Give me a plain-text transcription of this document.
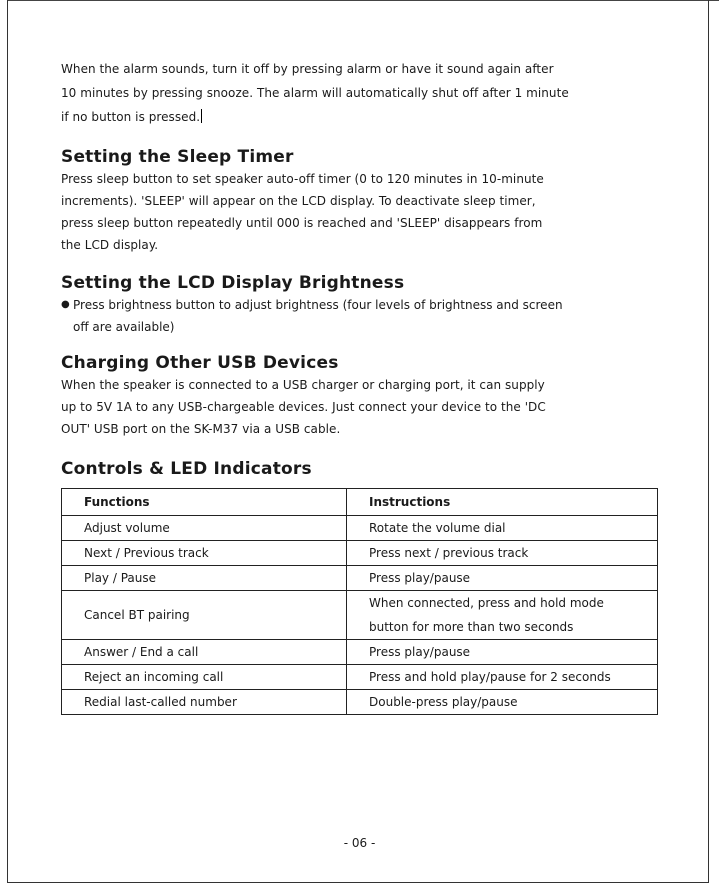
When the alarm sounds, turn it off by pressing alarm or have it sound again after

10 minutes by pressing snooze. The alarm will automatically shut off after 1 minute

if no button is pressed.

Setting the Sleep Timer

Press sleep button to set speaker auto-off timer (0 to 120 minutes in 10-minute

increments). 'SLEEP' will appear on the LCD display. To deactivate sleep timer,

press sleep button repeatedly until 000 is reached and 'SLEEP' disappears from

the LCD display.

Setting the LCD Display Brightness
● Press brightness button to adjust brightness (four levels of brightness and screen
off are available)
Charging Other USB Devices

When the speaker is connected to a USB charger or charging port, it can supply

up to 5V 1A to any USB-chargeable devices. Just connect your device to the 'DC

OUT' USB port on the SK-M37 via a USB cable.

Controls & LED Indicators
Functions	Instructions
Adjust volume	Rotate the volume dial
Next / Previous track	Press next / previous track
Play / Pause	Press play/pause
Cancel BT pairing	When connected, press and hold mode
button for more than two seconds

Answer / End a call	Press play/pause
Reject an incoming call	Press and hold play/pause for 2 seconds
Redial last-called number	Double-press play/pause
- 06 -
